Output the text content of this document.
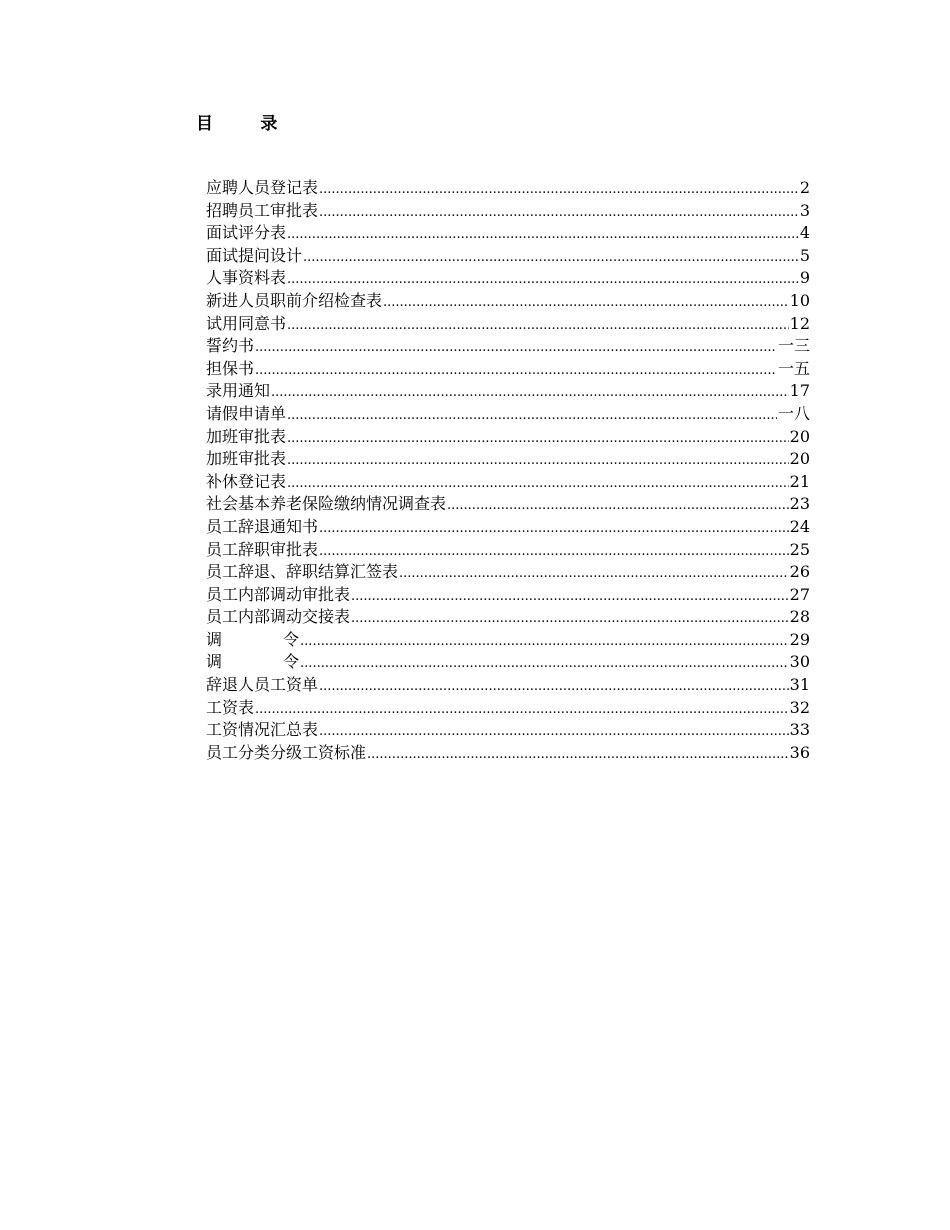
目        录
应聘人员登记表 .....	2
招聘员工审批表 .....	3
面试评分表 .....	4
面试提问设计 .....	5
人事资料表 .....	9
新进人员职前介绍检查表 .....	10
试用同意书 .....	12
誓约书 .....	一三
担保书 .....	一五
录用通知 .....	17
请假申请单 .....	一八
加班审批表 .....	20
加班审批表 .....	20
补休登记表 .....	21
社会基本养老保险缴纳情况调查表 .....	23
员工辞退通知书 .....	24
员工辞职审批表 .....	25
员工辞退、辞职结算汇签表 .....	26
员工内部调动审批表 .....	27
员工内部调动交接表 .....	28
调            令 .....	29
调            令 .....	30
辞退人员工资单 .....	31
工资表 .....	32
工资情况汇总表 .....	33
员工分类分级工资标准 .....	36
